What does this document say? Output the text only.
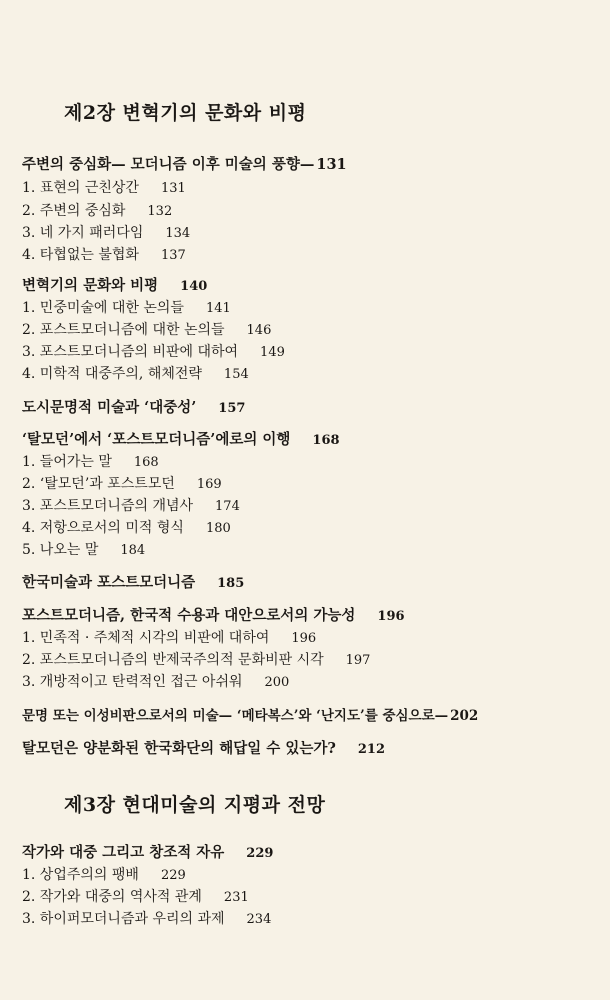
제2장 변혁기의 문화와 비평
주변의 중심화— 모더니즘 이후 미술의 풍향— 131
1. 표현의 근친상간 131
2. 주변의 중심화 132
3. 네 가지 패러다임 134
4. 타협없는 불협화 137
변혁기의 문화와 비평 140
1. 민중미술에 대한 논의들 141
2. 포스트모더니즘에 대한 논의들 146
3. 포스트모더니즘의 비판에 대하여 149
4. 미학적 대중주의, 해체전략 154
도시문명적 미술과 ‘대중성’ 157
‘탈모던’에서 ‘포스트모더니즘’에로의 이행 168
1. 들어가는 말 168
2. ‘탈모던’과 포스트모던 169
3. 포스트모더니즘의 개념사 174
4. 저항으로서의 미적 형식 180
5. 나오는 말 184
한국미술과 포스트모더니즘 185
포스트모더니즘, 한국적 수용과 대안으로서의 가능성 196
1. 민족적 · 주체적 시각의 비판에 대하여 196
2. 포스트모더니즘의 반제국주의적 문화비판 시각 197
3. 개방적이고 탄력적인 접근 아쉬워 200
문명 또는 이성비판으로서의 미술— ‘메타복스’와 ‘난지도’를 중심으로— 202
탈모던은 양분화된 한국화단의 해답일 수 있는가? 212
제3장 현대미술의 지평과 전망
작가와 대중 그리고 창조적 자유 229
1. 상업주의의 팽배 229
2. 작가와 대중의 역사적 관계 231
3. 하이퍼모더니즘과 우리의 과제 234
